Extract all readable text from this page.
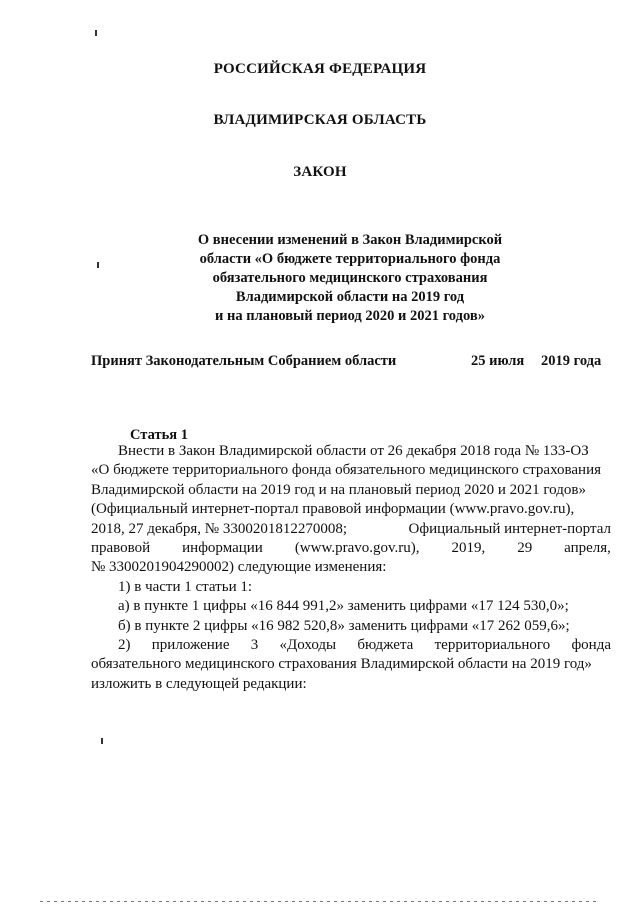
РОССИЙСКАЯ ФЕДЕРАЦИЯ
ВЛАДИМИРСКАЯ ОБЛАСТЬ
ЗАКОН
О внесении изменений в Закон Владимирской
области «О бюджете территориального фонда
обязательного медицинского страхования
Владимирской области на 2019 год
и на плановый период 2020 и 2021 годов»
Принят Законодательным Собранием области	25 июля 2019 года
Статья 1
Внести в Закон Владимирской области от 26 декабря 2018 года № 133-ОЗ
«О бюджете территориального фонда обязательного медицинского страхования
Владимирской области на 2019 год и на плановый период 2020 и 2021 годов»
(Официальный интернет-портал правовой информации (www.pravo.gov.ru),
2018, 27 декабря, № 3300201812270008;	Официальный интернет-портал
правовой информации (www.pravo.gov.ru), 2019, 29 апреля,
№ 3300201904290002) следующие изменения:
1) в части 1 статьи 1:
а) в пункте 1 цифры «16 844 991,2» заменить цифрами «17 124 530,0»;
б) в пункте 2 цифры «16 982 520,8» заменить цифрами «17 262 059,6»;
2) приложение 3 «Доходы бюджета территориального фонда
обязательного медицинского страхования Владимирской области на 2019 год»
изложить в следующей редакции:
